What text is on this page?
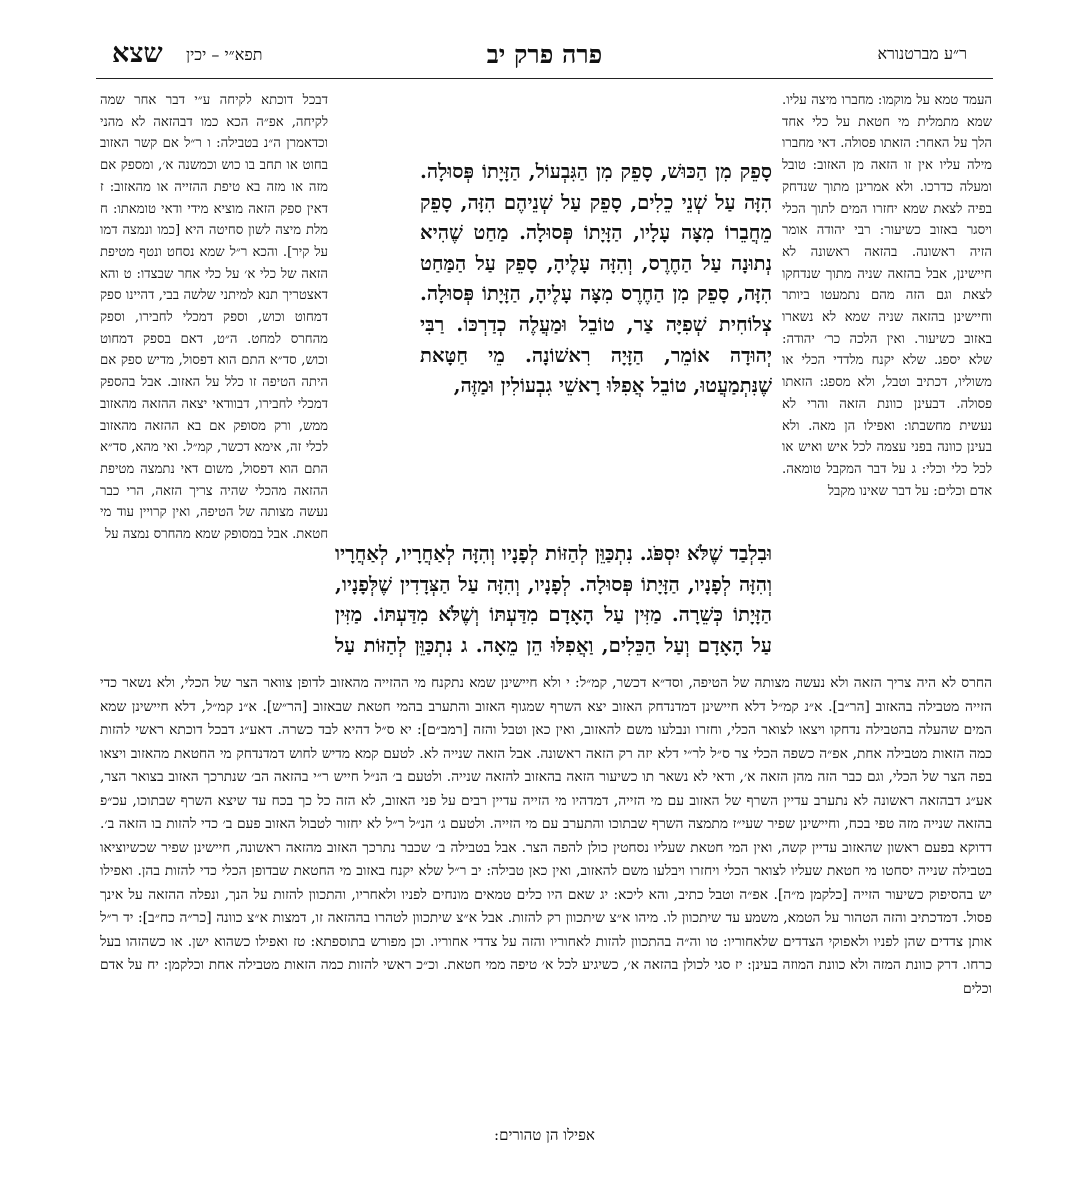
ר״ע מברטנורא
פרה פרק יב
תפא״י – יכין
שצא

העמד טמא על מוקמו: מחברו מיצה עליו. שמא מתמלית מי חטאת על כלי אחד הלך על האחר: הזאתו פסולה. דאי מחברו מילה עליו אין זו הזאה מן האזוב: טובל ומעלה כדרכו. ולא אמרינן מתוך שנדחק בפיה לצאת שמא יחזרו המים לתוך הכלי ויסגר באזוב כשיעור: רבי יהודה אומר הזיה ראשונה. בהזאה ראשונה לא חיישינן, אבל בהזאה שניה מתוך שנדחקו לצאת וגם הזה מהם נתמעטו ביותר וחיישינן בהזאה שניה שמא לא נשארו באזוב כשיעור. ואין הלכה כר׳ יהודה: שלא יספג. שלא יקנח מלדדי הכלי או משוליו, דכתיב וטבל, ולא מספג: הזאתו פסולה. דבעינן כוונת הזאה והרי לא נעשית מחשבתו: ואפילו הן מאה. ולא בעינן כוונה בפני עצמה לכל איש ואיש או לכל כלי וכלי: ג על דבר המקבל טומאה. אדם וכלים: על דבר שאינו מקבל

דבכל דוכתא לקיחה ע״י דבר אחר שמה לקיחה, אפ״ה הכא כמו דבהזאה לא מהני וכדאמרן ה״נ בטבילה: ו ר״ל אם קשר האזוב בחוט או תחב בו כוש וכמשנה א׳, ומספק אם מזה או מזה בא טיפת ההזייה או מהאזוב: ז דאין ספק הזאה מוציא מידי ודאי טומאתו: ח מלת מיצה לשון סחיטה היא [כמו ונמצה דמו על קיר]. והכא ר״ל שמא נסחט ונטף מטיפת הזאה של כלי א׳ על כלי אחר שבצדו: ט והא דאצטריך תנא למיתני שלשה בבי, דהיינו ספק דמחוט וכוש, וספק דמכלי לחבירו, וספק מהחרס למחט. ה״ט, דאם בספק דמחוט וכוש, סד״א התם הוא דפסול, מדיש ספק אם היתה הטיפה זו כלל על האזוב. אבל בהספק דמכלי לחבירו, דבוודאי יצאה ההזאה מהאזוב ממש, ורק מסופק אם בא ההזאה מהאזוב לכלי זה, אימא דכשר, קמ״ל. ואי מהא, סד״א התם הוא דפסול, משום דאי נתמצה מטיפת ההזאה מהכלי שהיה צריך הזאה, הרי כבר נעשה מצותה של הטיפה, ואין קרויין עוד מי חטאת. אבל במסופק שמא מהחרס נמצה על

סָפֵק מִן הַכּוּשׁ, סָפֵק מִן הַגִּבְעוֹל, הַזָּיָתוֹ פְּסוּלָה. הִזָּה עַל שְׁנֵי כֵלִים, סָפֵק עַל שְׁנֵיהֶם הִזָּה, סָפֵק מֵחֲבֵרוֹ מִצָּה עָלָיו, הַזָּיָתוֹ פְּסוּלָה. מַחַט שֶׁהִיא נְתוּנָה עַל הַחֶרֶס, וְהִזָּה עָלֶיהָ, סָפֵק עַל הַמַּחַט הִזָּה, סָפֵק מִן הַחֶרֶס מִצָּה עָלֶיהָ, הַזָּיָתוֹ פְּסוּלָה. צְלוֹחִית שְׁפִיָּה צַר, טוֹבֵל וּמַעֲלֶה כְדַרְכּוֹ. רַבִּי יְהוּדָה אוֹמֵר, הַזָּיָה רִאשׁוֹנָה. מֵי חַטָּאת שֶׁנִּתְמַעֲטוּ, טוֹבֵל אֲפִלּוּ רָאשֵׁי גִבְעוֹלִין וּמַזֶּה,

וּבִלְבַד שֶׁלֹּא יִסְפֹּג. נִתְכַּוֵּן לְהַזּוֹת לְפָנָיו וְהִזָּה לְאַחֲרָיו, לְאַחֲרָיו וְהִזָּה לְפָנָיו, הַזָּיָתוֹ פְּסוּלָה. לְפָנָיו, וְהִזָּה עַל הַצְּדָדִין שֶׁלְּפָנָיו, הַזָּיָתוֹ כְּשֵׁרָה. מַזִּין עַל הָאָדָם מִדַּעְתּוֹ וְשֶׁלֹּא מִדַּעְתּוֹ. מַזִּין עַל הָאָדָם וְעַל הַכֵּלִים, וַאֲפִלּוּ הֵן מֵאָה. ג נִתְכַּוֵּן לְהַזּוֹת עַל

החרס לא היה צריך הזאה ולא נעשה מצותה של הטיפה, וסד״א דכשר, קמ״ל: י ולא חיישינן שמא נתקנח מי ההזייה מהאזוב לדופן צוואר הצר של הכלי, ולא נשאר כדי הזייה מטבילה בהאזוב [הר״ב]. א״נ קמ״ל דלא חיישינן דמדנדחק האזוב יצא השרף שמגוף האזוב והתערב בהמי חטאת שבאזוב [הר״ש]. א״נ קמ״ל, דלא חיישינן שמא המים שהעלה בהטבילה נדחקו ויצאו לצואר הכלי, וחזרו ונבלעו משם להאזוב, ואין כאן וטבל והזה [רמב״ם]: יא ס״ל דהיא לבד כשרה. דאע״ג דבכל דוכתא ראשי להזות כמה הזאות מטבילה אחת, אפ״ה כשפה הכלי צר ס״ל לר״י דלא יזה רק הזאה ראשונה. אבל הזאה שנייה לא. לטעם קמא מדיש לחוש דמדנדחק מי החטאת מהאזוב ויצאו בפה הצר של הכלי, וגם כבר הזה מהן הזאה א׳, ודאי לא נשאר תו כשיעור הזאה בהאזוב להזאה שנייה. ולטעם ב׳ הנ״ל חייש ר״י בהזאה הב׳ שנתרכך האזוב בצואר הצר, אע״ג דבהזאה ראשונה לא נתערב עדיין השרף של האזוב עם מי הזייה, דמדהיו מי הזייה עדיין רבים על פני האזוב, לא הזה כל כך בכח עד שיצא השרף שבתוכו, עכ״פ בהזאה שנייה מזה טפי בכח, וחיישינן שפיר שעי״ז מתמצה השרף שבתוכו והתערב עם מי הזייה. ולטעם ג׳ הנ״ל ר״ל לא יחזור לטבול האזוב פעם ב׳ כדי להזות בו הזאה ב׳. דדוקא בפעם ראשון שהאזוב עדיין קשה, ואין המי חטאת שעליו נסחטין כולן להפה הצר. אבל בטבילה ב׳ שכבר נתרכך האזוב מהזאה ראשונה, חיישינן שפיר שכשיוציאו בטבילה שנייה יסחטו מי חטאת שעליו לצואר הכלי ויחזרו ויבלעו משם להאזוב, ואין כאן טבילה: יב ר״ל שלא יקנח באזוב מי החטאת שבדופן הכלי כדי להזות בהן. ואפילו יש בהסיפוק כשיעור הזייה [כלקמן מ״ה]. אפ״ה וטבל כתיב, והא ליכא: יג שאם היו כלים טמאים מונחים לפניו ולאחריו, והתכוון להזות על הנך, ונפלה ההזאה על אינך פסול. דמדכתיב והזה הטהור על הטמא, משמע עד שיתכוון לו. מיהו א״צ שיתכוון רק להזות. אבל א״צ שיתכוון לטהרו בההזאה זו, דמצות א״צ כוונה [כר״ה כח״ב]: יד ר״ל אותן צדדים שהן לפניו ולאפוקי הצדדים שלאחוריו: טו וה״ה בהתכוון להזות לאחוריו והזה על צדדי אחוריו. וכן מפורש בתוספתא: טז ואפילו כשהוא ישן. או כשהזהו בעל כרחו. דרק כוונת המזה ולא כוונת המוזה בעינן: יז סגי לכולן בהזאה א׳, כשיגיע לכל א׳ טיפה ממי חטאת. וכ״כ ראשי להזות כמה הזאות מטבילה אחת וכלקמן: יח על אדם וכלים

אפילו הן טהורים:
